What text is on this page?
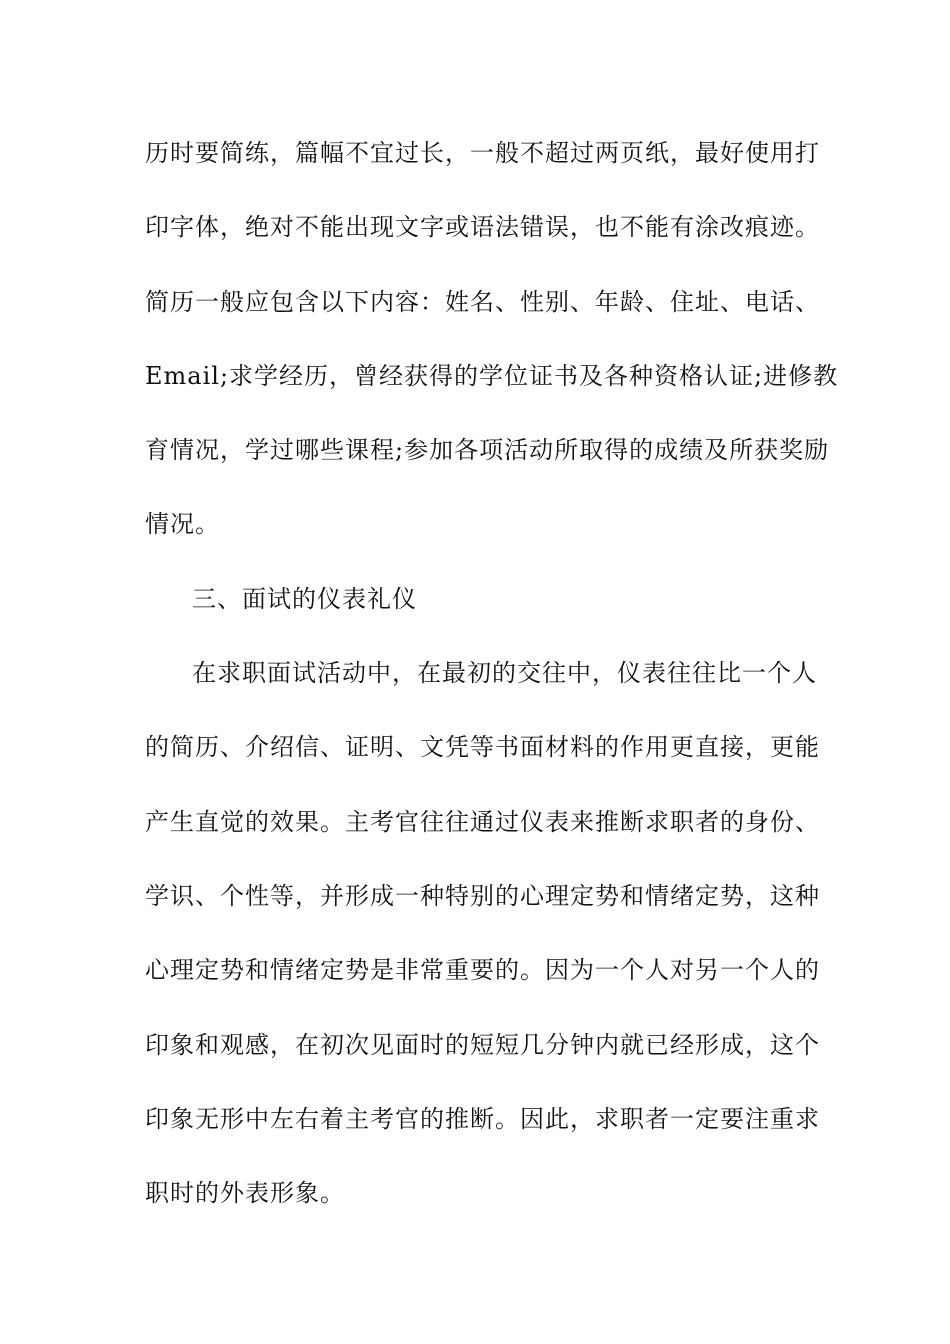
历时要简练，篇幅不宜过长，一般不超过两页纸，最好使用打
印字体，绝对不能出现文字或语法错误，也不能有涂改痕迹。
简历一般应包含以下内容：姓名、性别、年龄、住址、电话、
Email;求学经历，曾经获得的学位证书及各种资格认证;进修教
育情况，学过哪些课程;参加各项活动所取得的成绩及所获奖励
情况。
三、面试的仪表礼仪
在求职面试活动中，在最初的交往中，仪表往往比一个人
的简历、介绍信、证明、文凭等书面材料的作用更直接，更能
产生直觉的效果。主考官往往通过仪表来推断求职者的身份、
学识、个性等，并形成一种特别的心理定势和情绪定势，这种
心理定势和情绪定势是非常重要的。因为一个人对另一个人的
印象和观感，在初次见面时的短短几分钟内就已经形成，这个
印象无形中左右着主考官的推断。因此，求职者一定要注重求
职时的外表形象。
